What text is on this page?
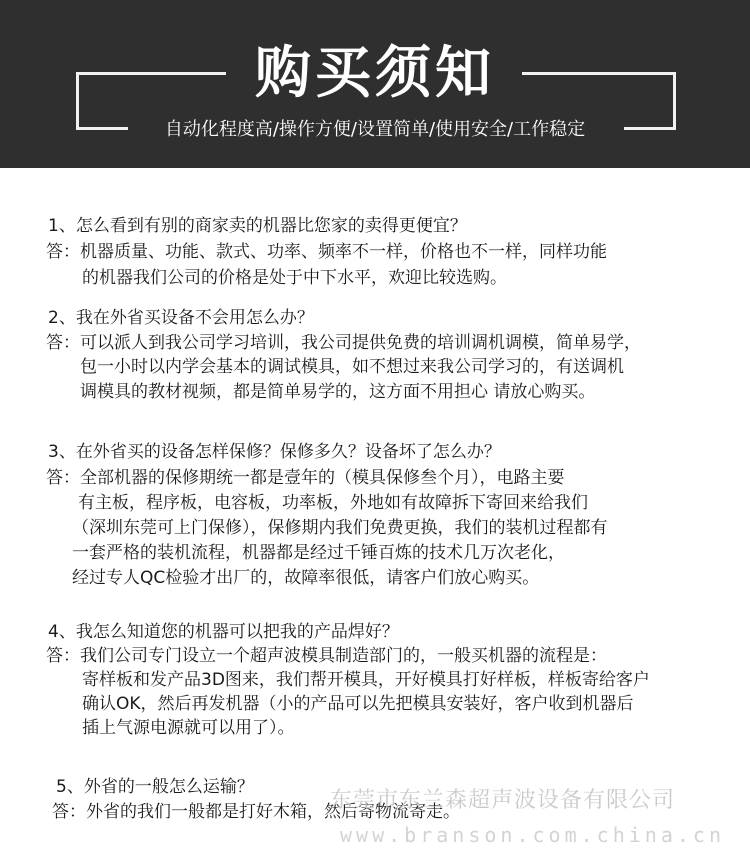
购买须知
自动化程度高/操作方便/设置简单/使用安全/工作稳定
1、怎么看到有别的商家卖的机器比您家的卖得更便宜？
答：机器质量、功能、款式、功率、频率不一样，价格也不一样，同样功能
的机器我们公司的价格是处于中下水平，欢迎比较选购。
2、我在外省买设备不会用怎么办？
答：可以派人到我公司学习培训，我公司提供免费的培训调机调模，简单易学，
包一小时以内学会基本的调试模具，如不想过来我公司学习的，有送调机
调模具的教材视频，都是简单易学的，这方面不用担心 请放心购买。
3、在外省买的设备怎样保修？保修多久？设备坏了怎么办？
答：全部机器的保修期统一都是壹年的（模具保修叁个月），电路主要
有主板，程序板，电容板，功率板，外地如有故障拆下寄回来给我们
（深圳东莞可上门保修），保修期内我们免费更换，我们的装机过程都有
一套严格的装机流程，机器都是经过千锤百炼的技术几万次老化，
经过专人QC检验才出厂的，故障率很低，请客户们放心购买。
4、我怎么知道您的机器可以把我的产品焊好？
答：我们公司专门设立一个超声波模具制造部门的，一般买机器的流程是：
寄样板和发产品3D图来，我们帮开模具，开好模具打好样板，样板寄给客户
确认OK，然后再发机器（小的产品可以先把模具安装好，客户收到机器后
插上气源电源就可以用了）。
5、外省的一般怎么运输？
答：外省的我们一般都是打好木箱，然后寄物流寄走。
东莞市东兰森超声波设备有限公司
www.branson.com.china.cn
